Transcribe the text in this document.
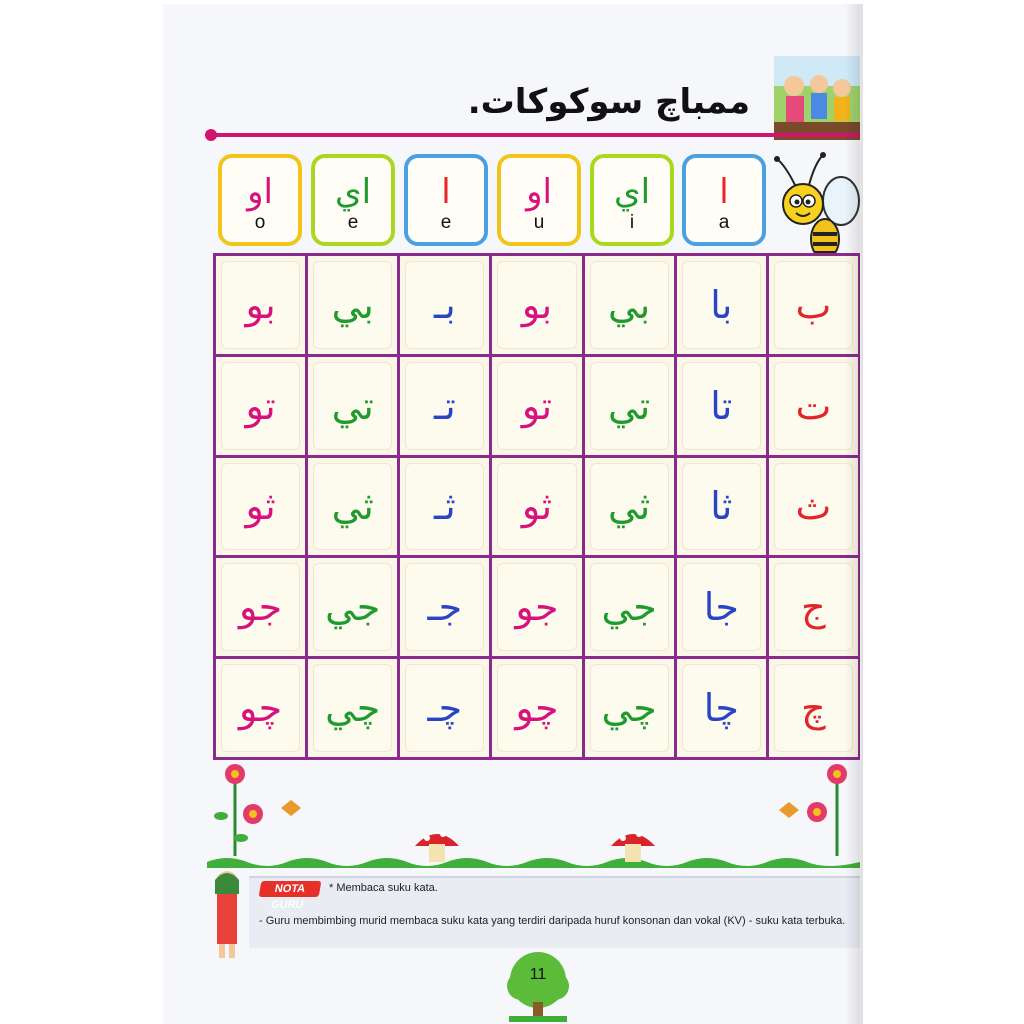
ممباچ سوكوكات.
او
o
اي
e
ا
e
او
u
اي
i
ا
a
بو بي بـ بو بي با ب
تو تي تـ تو تي تا ت
ثو ثي ثـ ثو ثي ثا ث
جو جي جـ جو جي جا ج
چو چي چـ چو چي چا چ
NOTA GURU
* Membaca suku kata.
- Guru membimbing murid membaca suku kata yang terdiri daripada huruf konsonan dan vokal (KV) - suku kata terbuka.
11
